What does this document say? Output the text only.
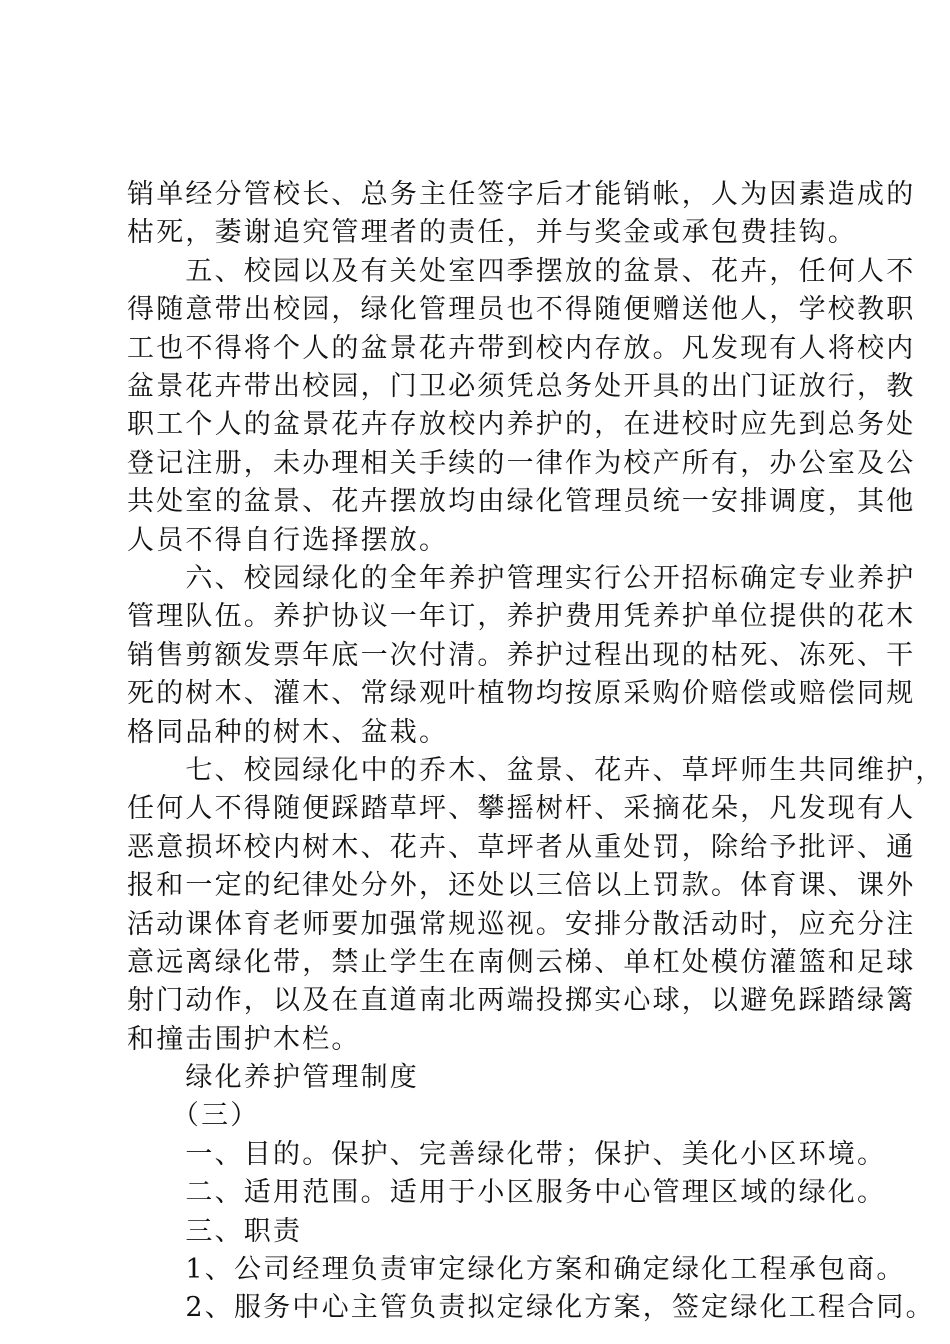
销单经分管校长、总务主任签字后才能销帐，人为因素造成的
枯死，萎谢追究管理者的责任，并与奖金或承包费挂钩。
　　五、校园以及有关处室四季摆放的盆景、花卉，任何人不
得随意带出校园，绿化管理员也不得随便赠送他人，学校教职
工也不得将个人的盆景花卉带到校内存放。凡发现有人将校内
盆景花卉带出校园，门卫必须凭总务处开具的出门证放行，教
职工个人的盆景花卉存放校内养护的，在进校时应先到总务处
登记注册，未办理相关手续的一律作为校产所有，办公室及公
共处室的盆景、花卉摆放均由绿化管理员统一安排调度，其他
人员不得自行选择摆放。
　　六、校园绿化的全年养护管理实行公开招标确定专业养护
管理队伍。养护协议一年订，养护费用凭养护单位提供的花木
销售剪额发票年底一次付清。养护过程出现的枯死、冻死、干
死的树木、灌木、常绿观叶植物均按原采购价赔偿或赔偿同规
格同品种的树木、盆栽。
　　七、校园绿化中的乔木、盆景、花卉、草坪师生共同维护，
任何人不得随便踩踏草坪、攀摇树杆、采摘花朵，凡发现有人
恶意损坏校内树木、花卉、草坪者从重处罚，除给予批评、通
报和一定的纪律处分外，还处以三倍以上罚款。体育课、课外
活动课体育老师要加强常规巡视。安排分散活动时，应充分注
意远离绿化带，禁止学生在南侧云梯、单杠处模仿灌篮和足球
射门动作，以及在直道南北两端投掷实心球，以避免踩踏绿篱
和撞击围护木栏。
　　绿化养护管理制度
　　（三）
　　一、目的。保护、完善绿化带；保护、美化小区环境。
　　二、适用范围。适用于小区服务中心管理区域的绿化。
　　三、职责
　　1、公司经理负责审定绿化方案和确定绿化工程承包商。
　　2、服务中心主管负责拟定绿化方案，签定绿化工程合同。
